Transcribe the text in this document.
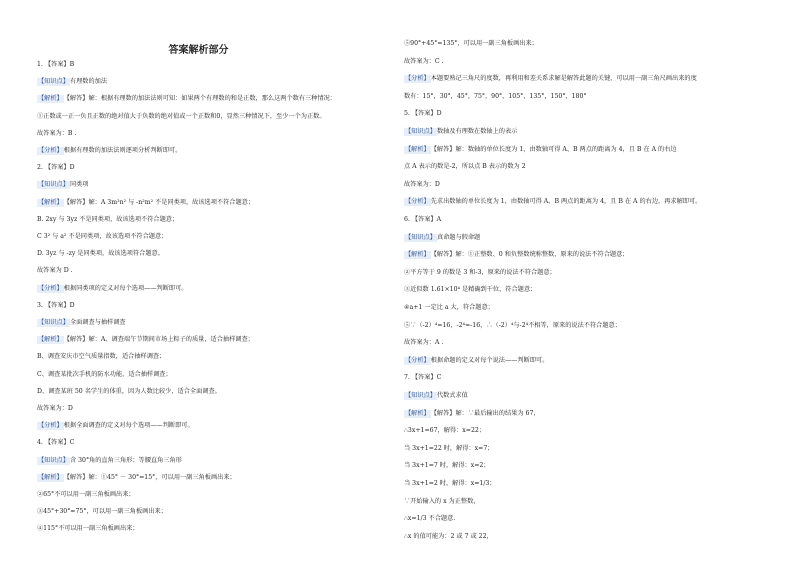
答案解析部分
1. 【答案】B
【知识点】有理数的加法
【解析】【解答】解：根据有理数的加法法则可知：如果两个有理数的和是正数，那么这两个数有三种情况：
①正数或一正一负且正数的绝对值大于负数的绝对值或一个正数和0，显然三种情况下，至少一个为正数。
故答案为：B .
【分析】根据有理数的加法法则逐项分析判断即可。
2. 【答案】D
【知识点】同类项
【解析】【解答】解：A 3m²n² 与 -n²m² 不是同类项，故该选项不符合题意；
B. 2xy 与 3yz 不是同类项，故该选项不符合题意；
C 3² 与 a² 不是同类项，故该选项不符合题意；
D. 3yz 与 -zy 是同类项，故该选项符合题意。
故答案为 D .
【分析】根据同类项的定义对每个选项——判断即可。
3. 【答案】D
【知识点】全面调查与抽样调查
【解析】【解答】解：A、调查端午节期间市场上粽子的质量，适合抽样调查；
B、调查安庆市空气质量指数，适合抽样调查；
C、调查某批次手机的防水功能，适合抽样调查；
D、调查某班 50 名学生的体重，因为人数比较少，适合全面调查。
故答案为：D
【分析】根据全面调查的定义对每个选项——判断即可。
4. 【答案】C
【知识点】含 30°角的直角三角形；等腰直角三角形
【解析】【解答】解：①45° － 30°=15°，可以用一副三角板画出来；
②65°不可以用一副三角板画出来；
③45°+30°=75°，可以用一副三角板画出来；
④115°不可以用一副三角板画出来；
⑤90°+45°=135°，可以用一副三角板画出来；
故答案为：C .
【分析】本题要熟记三角尺的度数，再利用和差关系求解是解答此题的关键，可以用一副三角尺画出来的度
数有：15°，30°，45°，75°，90°，105°，135°，150°，180°
5. 【答案】D
【知识点】数轴及有理数在数轴上的表示
【解析】【解答】解：数轴的单位长度为 1，由数轴可得 A、B 两点的距离为 4，且 B 在 A 的右边
点 A 表示的数是-2，所以点 B 表示的数为 2
故答案为：D
【分析】先求出数轴的单位长度为 1，由数轴可得 A、B 两点的距离为 4，且 B 在 A 的右边，再求解即可。
6. 【答案】A
【知识点】真命题与假命题
【解析】【解答】解：①正整数、0 和负整数统称整数，原来的说法不符合题意；
②平方等于 9 的数是 3 和-3，原来的说法不符合题意；
③近似数 1.61×10⁴ 是精确到千位，符合题意；
④a+1 一定比 a 大，符合题意；
⑤∵（-2）⁴=16，-2⁴=-16，∴（-2）⁴与-2⁴不相等，原来的说法不符合题意；
故答案为：A .
【分析】根据命题的定义对每个说法——判断即可。
7. 【答案】C
【知识点】代数式求值
【解析】【解答】解：∵最后输出的结果为 67，
∴3x+1=67，解得：x=22；
当 3x+1=22 时，解得：x=7；
当 3x+1=7 时，解得：x=2；
当 3x+1=2 时，解得：x=1/3；
∵开始输入的 x 为正整数，
∴x=1/3 不合题意.
∴x 的值可能为：2 或 7 或 22，
